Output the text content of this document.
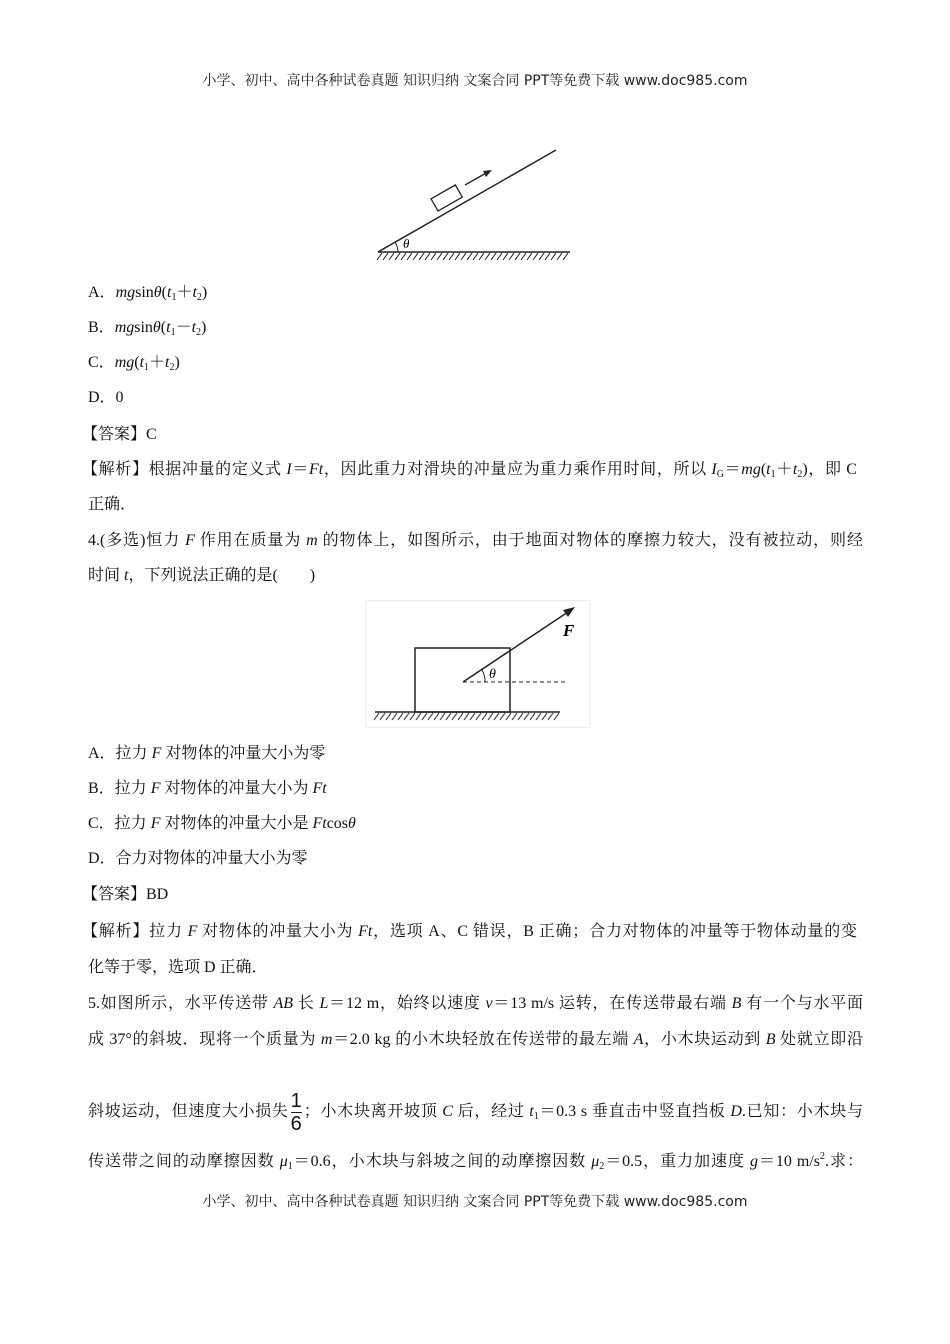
小学、初中、高中各种试卷真题 知识归纳 文案合同 PPT等免费下载 www.doc985.com
θ
θ
F
A．$mgsin\theta(t_1+t_2)$
B．$mgsin\theta(t_1-t_2)$
C．$mg(t_1+t_2)$
D．0
【答案】C
【解析】根据冲量的定义式 I＝Ft，因此重力对滑块的冲量应为重力乘作用时间，所以 $I_G=mg(t_1+t_2)$，即 C
正确．
4.(多选)恒力 F 作用在质量为 m 的物体上，如图所示，由于地面对物体的摩擦力较大，没有被拉动，则经
时间 t，下列说法正确的是(　　)
A．拉力 F 对物体的冲量大小为零
B．拉力 F 对物体的冲量大小为 Ft
C．拉力 F 对物体的冲量大小是 Ftcosθ
D．合力对物体的冲量大小为零
【答案】BD
【解析】拉力 F 对物体的冲量大小为 Ft，选项 A、C 错误，B 正确；合力对物体的冲量等于物体动量的变
化等于零，选项 D 正确．
5.如图所示，水平传送带 AB 长 L＝12 m，始终以速度 v＝13 m/s 运转，在传送带最右端 B 有一个与水平面
成 37°的斜坡．现将一个质量为 m＝2.0 kg 的小木块轻放在传送带的最左端 A，小木块运动到 B 处就立即沿
斜坡运动，但速度大小损失 $\frac{1}{6}$ ；小木块离开坡顶 C 后，经过 $t_1=0.3$ s 垂直击中竖直挡板 D.已知：小木块与
传送带之间的动摩擦因数 $\mu_1=0.6$，小木块与斜坡之间的动摩擦因数 $\mu_2=0.5$，重力加速度 g＝10 $m/s^2$.求：
小学、初中、高中各种试卷真题 知识归纳 文案合同 PPT等免费下载 www.doc985.com
